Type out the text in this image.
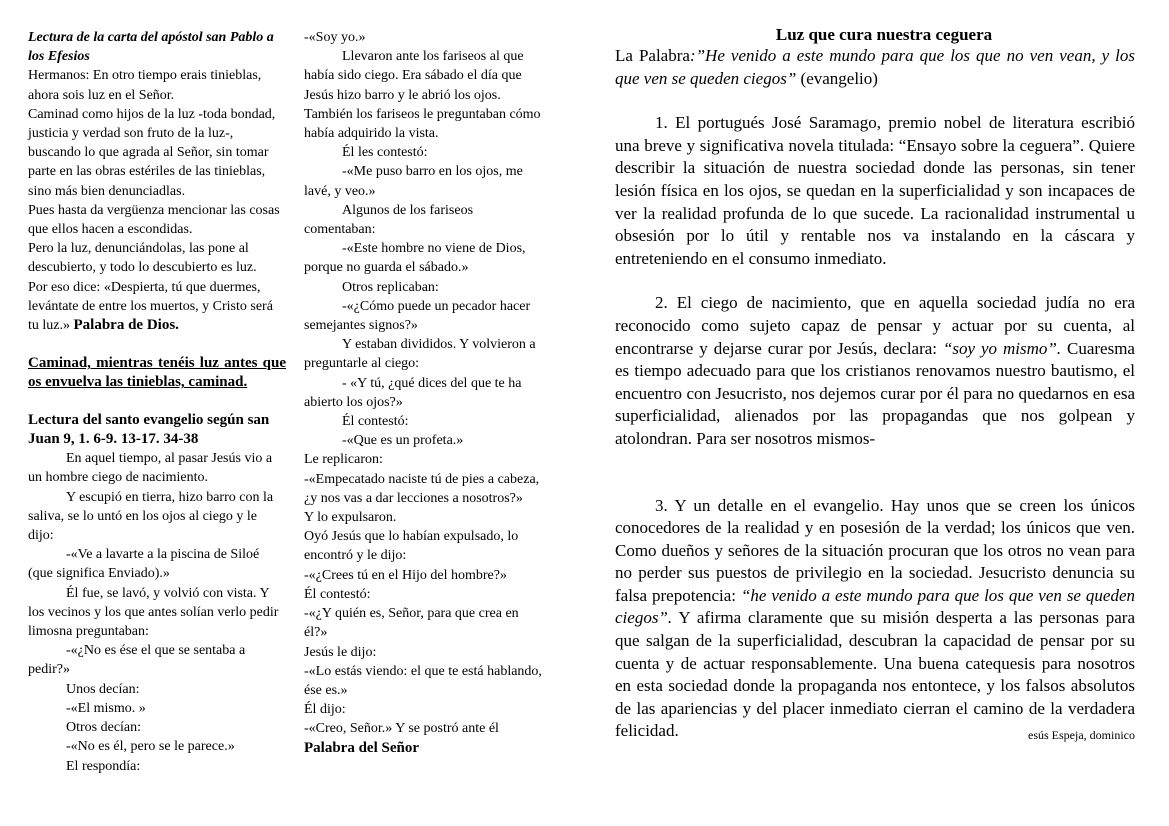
Lectura de la carta del apóstol san Pablo a los Efesios

Hermanos: En otro tiempo erais tinieblas, ahora sois luz en el Señor.

Caminad como hijos de la luz -toda bondad, justicia y verdad son fruto de la luz-, buscando lo que agrada al Señor, sin tomar parte en las obras estériles de las tinieblas, sino más bien denunciadlas.

Pues hasta da vergüenza mencionar las cosas que ellos hacen a escondidas.

Pero la luz, denunciándolas, las pone al descubierto, y todo lo descubierto es luz.

Por eso dice: «Despierta, tú que duermes, levántate de entre los muertos, y Cristo será tu luz.» Palabra de Dios.

Caminad, mientras tenéis luz antes que os envuelva las tinieblas, caminad.

Lectura del santo evangelio según san Juan 9, 1. 6-9. 13-17. 34-38

En aquel tiempo, al pasar Jesús vio a un hombre ciego de nacimiento.

Y escupió en tierra, hizo barro con la saliva, se lo untó en los ojos al ciego y le dijo:

-«Ve a lavarte a la piscina de Siloé (que significa Enviado).»

Él fue, se lavó, y volvió con vista. Y los vecinos y los que antes solían verlo pedir limosna preguntaban:

-«¿No es ése el que se sentaba a pedir?»

Unos decían:

-«El mismo. »

Otros decían:

-«No es él, pero se le parece.»

El respondía:

-«Soy yo.»

Llevaron ante los fariseos al que había sido ciego. Era sábado el día que Jesús hizo barro y le abrió los ojos. También los fariseos le preguntaban cómo había adquirido la vista.

Él les contestó:

-«Me puso barro en los ojos, me lavé, y veo.»

Algunos de los fariseos comentaban:

-«Este hombre no viene de Dios, porque no guarda el sábado.»

Otros replicaban:

-«¿Cómo puede un pecador hacer semejantes signos?»

Y estaban divididos. Y volvieron a preguntarle al ciego:

- «Y tú, ¿qué dices del que te ha abierto los ojos?»

Él contestó:

-«Que es un profeta.»

Le replicaron:

-«Empecatado naciste tú de pies a cabeza, ¿y nos vas a dar lecciones a nosotros?»

Y lo expulsaron.

Oyó Jesús que lo habían expulsado, lo encontró y le dijo:

-«¿Crees tú en el Hijo del hombre?»

Él contestó:

-«¿Y quién es, Señor, para que crea en él?»

Jesús le dijo:

-«Lo estás viendo: el que te está hablando, ése es.»

Él dijo:

-«Creo, Señor.» Y se postró ante él

Palabra del Señor

Luz que cura nuestra ceguera

La Palabra:”He venido a este mundo para que los que no ven vean, y los que ven se queden ciegos” (evangelio)

1. El portugués José Saramago, premio nobel de literatura escribió una breve y significativa novela titulada: “Ensayo sobre la ceguera”. Quiere describir la situación de nuestra sociedad donde las personas, sin tener lesión física en los ojos, se quedan en la superficialidad y son incapaces de ver la realidad profunda de lo que sucede. La racionalidad instrumental u obsesión por lo útil y rentable nos va instalando en la cáscara y entreteniendo en el consumo inmediato.

2. El ciego de nacimiento, que en aquella sociedad judía no era reconocido como sujeto capaz de pensar y actuar por su cuenta, al encontrarse y dejarse curar por Jesús, declara: “soy yo mismo”. Cuaresma es tiempo adecuado para que los cristianos renovamos nuestro bautismo, el encuentro con Jesucristo, nos dejemos curar por él para no quedarnos en esa superficialidad, alienados por las propagandas que nos golpean y atolondran. Para ser nosotros mismos-

3. Y un detalle en el evangelio. Hay unos que se creen los únicos conocedores de la realidad y en posesión de la verdad; los únicos que ven. Como dueños y señores de la situación procuran que los otros no vean para no perder sus puestos de privilegio en la sociedad. Jesucristo denuncia su falsa prepotencia: “he venido a este mundo para que los que ven se queden ciegos”. Y afirma claramente que su misión desperta a las personas para que salgan de la superficialidad, descubran la capacidad de pensar por su cuenta y de actuar responsablemente. Una buena catequesis para nosotros en esta sociedad donde la propaganda nos entontece, y los falsos absolutos de las apariencias y del placer inmediato cierran el camino de la verdadera felicidad.	esús Espeja, dominico
